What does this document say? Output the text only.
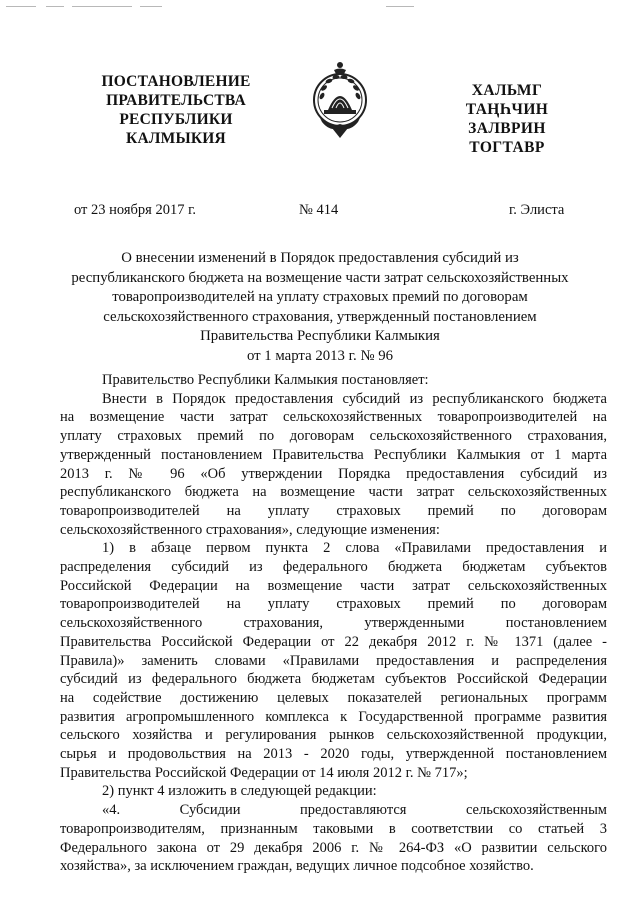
ПОСТАНОВЛЕНИЕ
ПРАВИТЕЛЬСТВА
РЕСПУБЛИКИ
КАЛМЫКИЯ
ХАЛЬМГ
ТАҢҺЧИН
ЗАЛВРИН
ТОГТАВР
от 23 ноября 2017 г.	№ 414	г. Элиста
О внесении изменений в Порядок предоставления субсидий из
республиканского бюджета на возмещение части затрат сельскохозяйственных
товаропроизводителей на уплату страховых премий по договорам
сельскохозяйственного страхования, утвержденный постановлением
Правительства Республики Калмыкия
от 1 марта 2013 г. № 96
Правительство Республики Калмыкия постановляет:
Внести в Порядок предоставления субсидий из республиканского бюджета
на возмещение части затрат сельскохозяйственных товаропроизводителей на
уплату страховых премий по договорам сельскохозяйственного страхования,
утвержденный постановлением Правительства Республики Калмыкия от 1 марта
2013 г. № 96 «Об утверждении Порядка предоставления субсидий из
республиканского бюджета на возмещение части затрат сельскохозяйственных
товаропроизводителей на уплату страховых премий по договорам
сельскохозяйственного страхования», следующие изменения:
1) в абзаце первом пункта 2 слова «Правилами предоставления и
распределения субсидий из федерального бюджета бюджетам субъектов
Российской Федерации на возмещение части затрат сельскохозяйственных
товаропроизводителей на уплату страховых премий по договорам
сельскохозяйственного страхования, утвержденными постановлением
Правительства Российской Федерации от 22 декабря 2012 г. № 1371 (далее -
Правила)» заменить словами «Правилами предоставления и распределения
субсидий из федерального бюджета бюджетам субъектов Российской Федерации
на содействие достижению целевых показателей региональных программ
развития агропромышленного комплекса к Государственной программе развития
сельского хозяйства и регулирования рынков сельскохозяйственной продукции,
сырья и продовольствия на 2013 - 2020 годы, утвержденной постановлением
Правительства Российской Федерации от 14 июля 2012 г. № 717»;
2) пункт 4 изложить в следующей редакции:
«4. Субсидии предоставляются сельскохозяйственным
товаропроизводителям, признанным таковыми в соответствии со статьей 3
Федерального закона от 29 декабря 2006 г. № 264-ФЗ «О развитии сельского
хозяйства», за исключением граждан, ведущих личное подсобное хозяйство.
